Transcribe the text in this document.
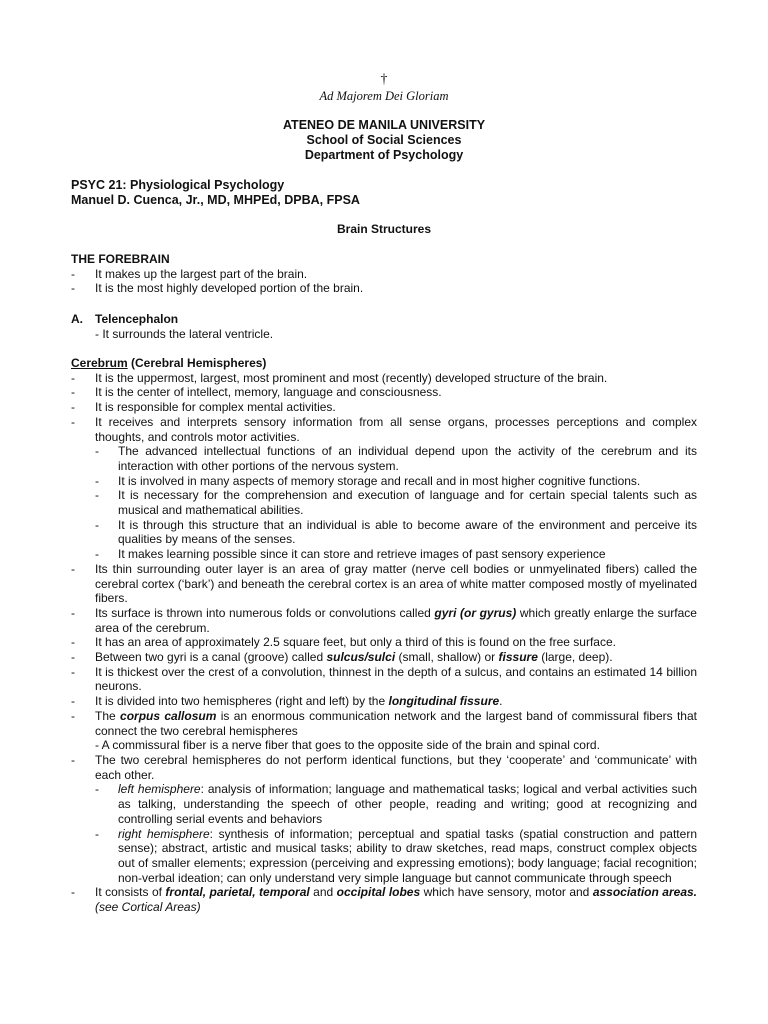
†
Ad Majorem Dei Gloriam
ATENEO DE MANILA UNIVERSITY
School of Social Sciences
Department of Psychology
PSYC 21: Physiological Psychology
Manuel D. Cuenca, Jr., MD, MHPEd, DPBA, FPSA
Brain Structures
THE FOREBRAIN
-	It makes up the largest part of the brain.
-	It is the most highly developed portion of the brain.
A.	Telencephalon
- It surrounds the lateral ventricle.
Cerebrum (Cerebral Hemispheres)
-	It is the uppermost, largest, most prominent and most (recently) developed structure of the brain.
-	It is the center of intellect, memory, language and consciousness.
-	It is responsible for complex mental activities.
-	It receives and interprets sensory information from all sense organs, processes perceptions and complex thoughts, and controls motor activities.
-	The advanced intellectual functions of an individual depend upon the activity of the cerebrum and its interaction with other portions of the nervous system.
-	It is involved in many aspects of memory storage and recall and in most higher cognitive functions.
-	It is necessary for the comprehension and execution of language and for certain special talents such as musical and mathematical abilities.
-	It is through this structure that an individual is able to become aware of the environment and perceive its qualities by means of the senses.
-	It makes learning possible since it can store and retrieve images of past sensory experience
-	Its thin surrounding outer layer is an area of gray matter (nerve cell bodies or unmyelinated fibers) called the cerebral cortex (‘bark’) and beneath the cerebral cortex is an area of white matter composed mostly of myelinated fibers.
-	Its surface is thrown into numerous folds or convolutions called gyri (or gyrus) which greatly enlarge the surface area of the cerebrum.
-	It has an area of approximately 2.5 square feet, but only a third of this is found on the free surface.
-	Between two gyri is a canal (groove) called sulcus/sulci (small, shallow) or fissure (large, deep).
-	It is thickest over the crest of a convolution, thinnest in the depth of a sulcus, and contains an estimated 14 billion neurons.
-	It is divided into two hemispheres (right and left) by the longitudinal fissure.
-	The corpus callosum is an enormous communication network and the largest band of commissural fibers that connect the two cerebral hemispheres
- A commissural fiber is a nerve fiber that goes to the opposite side of the brain and spinal cord.
-	The two cerebral hemispheres do not perform identical functions, but they ‘cooperate’ and ‘communicate’ with each other.
-	left hemisphere: analysis of information; language and mathematical tasks; logical and verbal activities such as talking, understanding the speech of other people, reading and writing; good at recognizing and controlling serial events and behaviors
-	right hemisphere: synthesis of information; perceptual and spatial tasks (spatial construction and pattern sense); abstract, artistic and musical tasks; ability to draw sketches, read maps, construct complex objects out of smaller elements; expression (perceiving and expressing emotions); body language; facial recognition; non-verbal ideation; can only understand very simple language but cannot communicate through speech
-	It consists of frontal, parietal, temporal and occipital lobes which have sensory, motor and association areas. (see Cortical Areas)
